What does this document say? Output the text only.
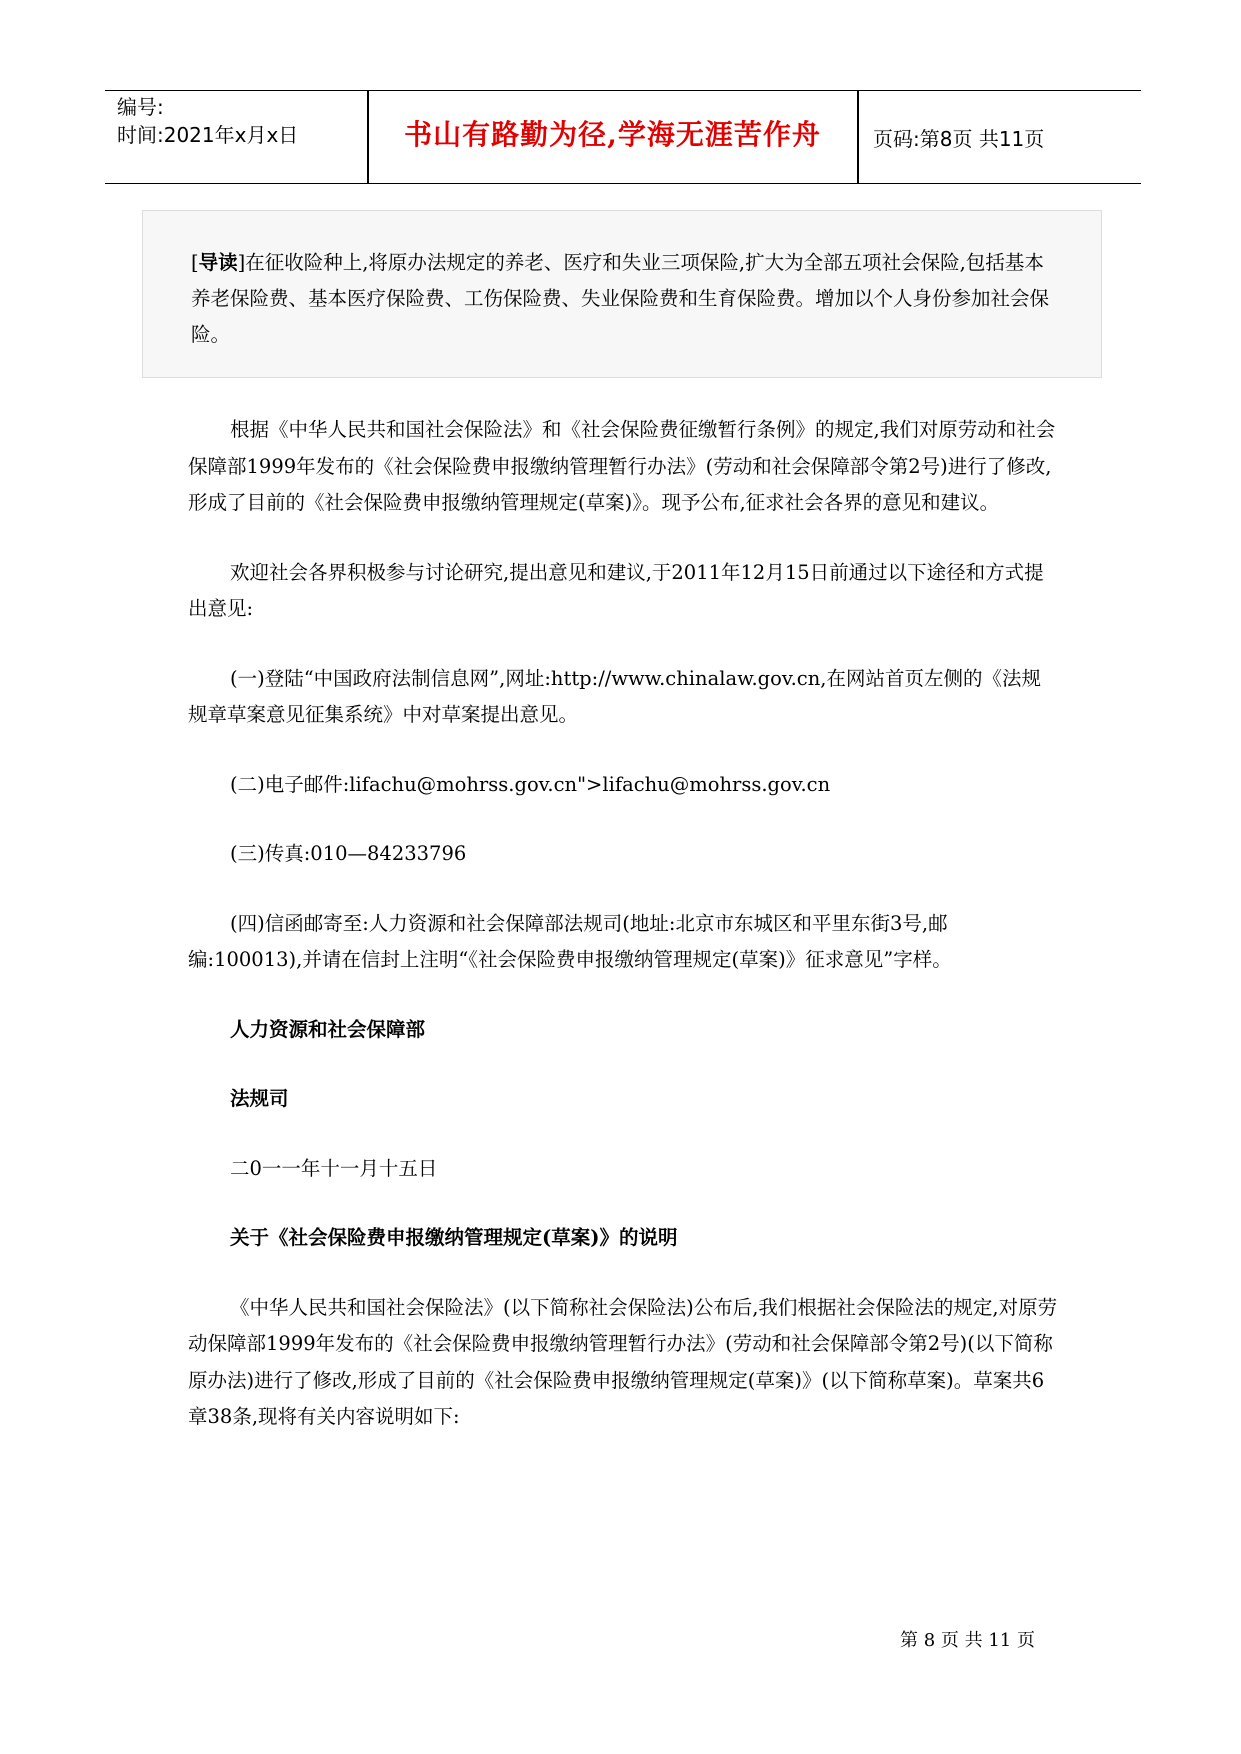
编号:
时间:2021年x月x日	书山有路勤为径,学海无涯苦作舟	页码:第8页 共11页

[导读]在征收险种上,将原办法规定的养老、医疗和失业三项保险,扩大为全部五项社会保险,包括基本养老保险费、基本医疗保险费、工伤保险费、失业保险费和生育保险费。增加以个人身份参加社会保险。

根据《中华人民共和国社会保险法》和《社会保险费征缴暂行条例》的规定,我们对原劳动和社会保障部1999年发布的《社会保险费申报缴纳管理暂行办法》(劳动和社会保障部令第2号)进行了修改,形成了目前的《社会保险费申报缴纳管理规定(草案)》。现予公布,征求社会各界的意见和建议。

欢迎社会各界积极参与讨论研究,提出意见和建议,于2011年12月15日前通过以下途径和方式提出意见:

(一)登陆“中国政府法制信息网”,网址:http://www.chinalaw.gov.cn,在网站首页左侧的《法规规章草案意见征集系统》中对草案提出意见。

(二)电子邮件:lifachu@mohrss.gov.cn">lifachu@mohrss.gov.cn

(三)传真:010—84233796

(四)信函邮寄至:人力资源和社会保障部法规司(地址:北京市东城区和平里东街3号,邮编:100013),并请在信封上注明“《社会保险费申报缴纳管理规定(草案)》征求意见”字样。

人力资源和社会保障部

法规司

二0一一年十一月十五日

关于《社会保险费申报缴纳管理规定(草案)》的说明

《中华人民共和国社会保险法》(以下简称社会保险法)公布后,我们根据社会保险法的规定,对原劳动保障部1999年发布的《社会保险费申报缴纳管理暂行办法》(劳动和社会保障部令第2号)(以下简称原办法)进行了修改,形成了目前的《社会保险费申报缴纳管理规定(草案)》(以下简称草案)。草案共6章38条,现将有关内容说明如下:

第 8 页 共 11 页
